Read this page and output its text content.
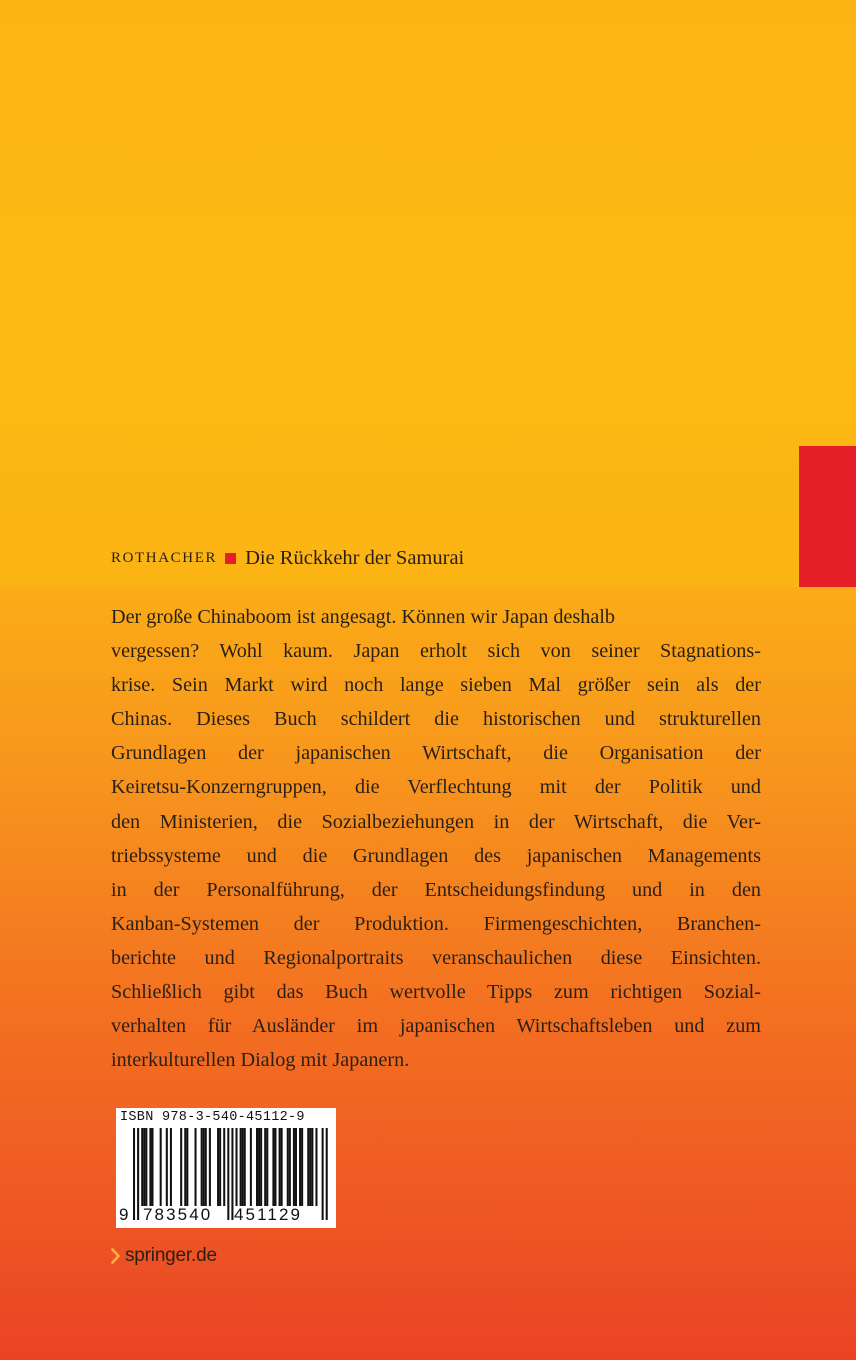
ROTHACHER Die Rückkehr der Samurai
Der große Chinaboom ist angesagt. Können wir Japan deshalb
vergessen? Wohl kaum. Japan erholt sich von seiner Stagnations-
krise. Sein Markt wird noch lange sieben Mal größer sein als der
Chinas. Dieses Buch schildert die historischen und strukturellen
Grundlagen der japanischen Wirtschaft, die Organisation der
Keiretsu-Konzerngruppen, die Verflechtung mit der Politik und
den Ministerien, die Sozialbeziehungen in der Wirtschaft, die Ver-
triebssysteme und die Grundlagen des japanischen Managements
in der Personalführung, der Entscheidungsfindung und in den
Kanban-Systemen der Produktion. Firmengeschichten, Branchen-
berichte und Regionalportraits veranschaulichen diese Einsichten.
Schließlich gibt das Buch wertvolle Tipps zum richtigen Sozial-
verhalten für Ausländer im japanischen Wirtschaftsleben und zum
interkulturellen Dialog mit Japanern.
ISBN 978-3-540-45112-9
9 783540 451129
springer.de
